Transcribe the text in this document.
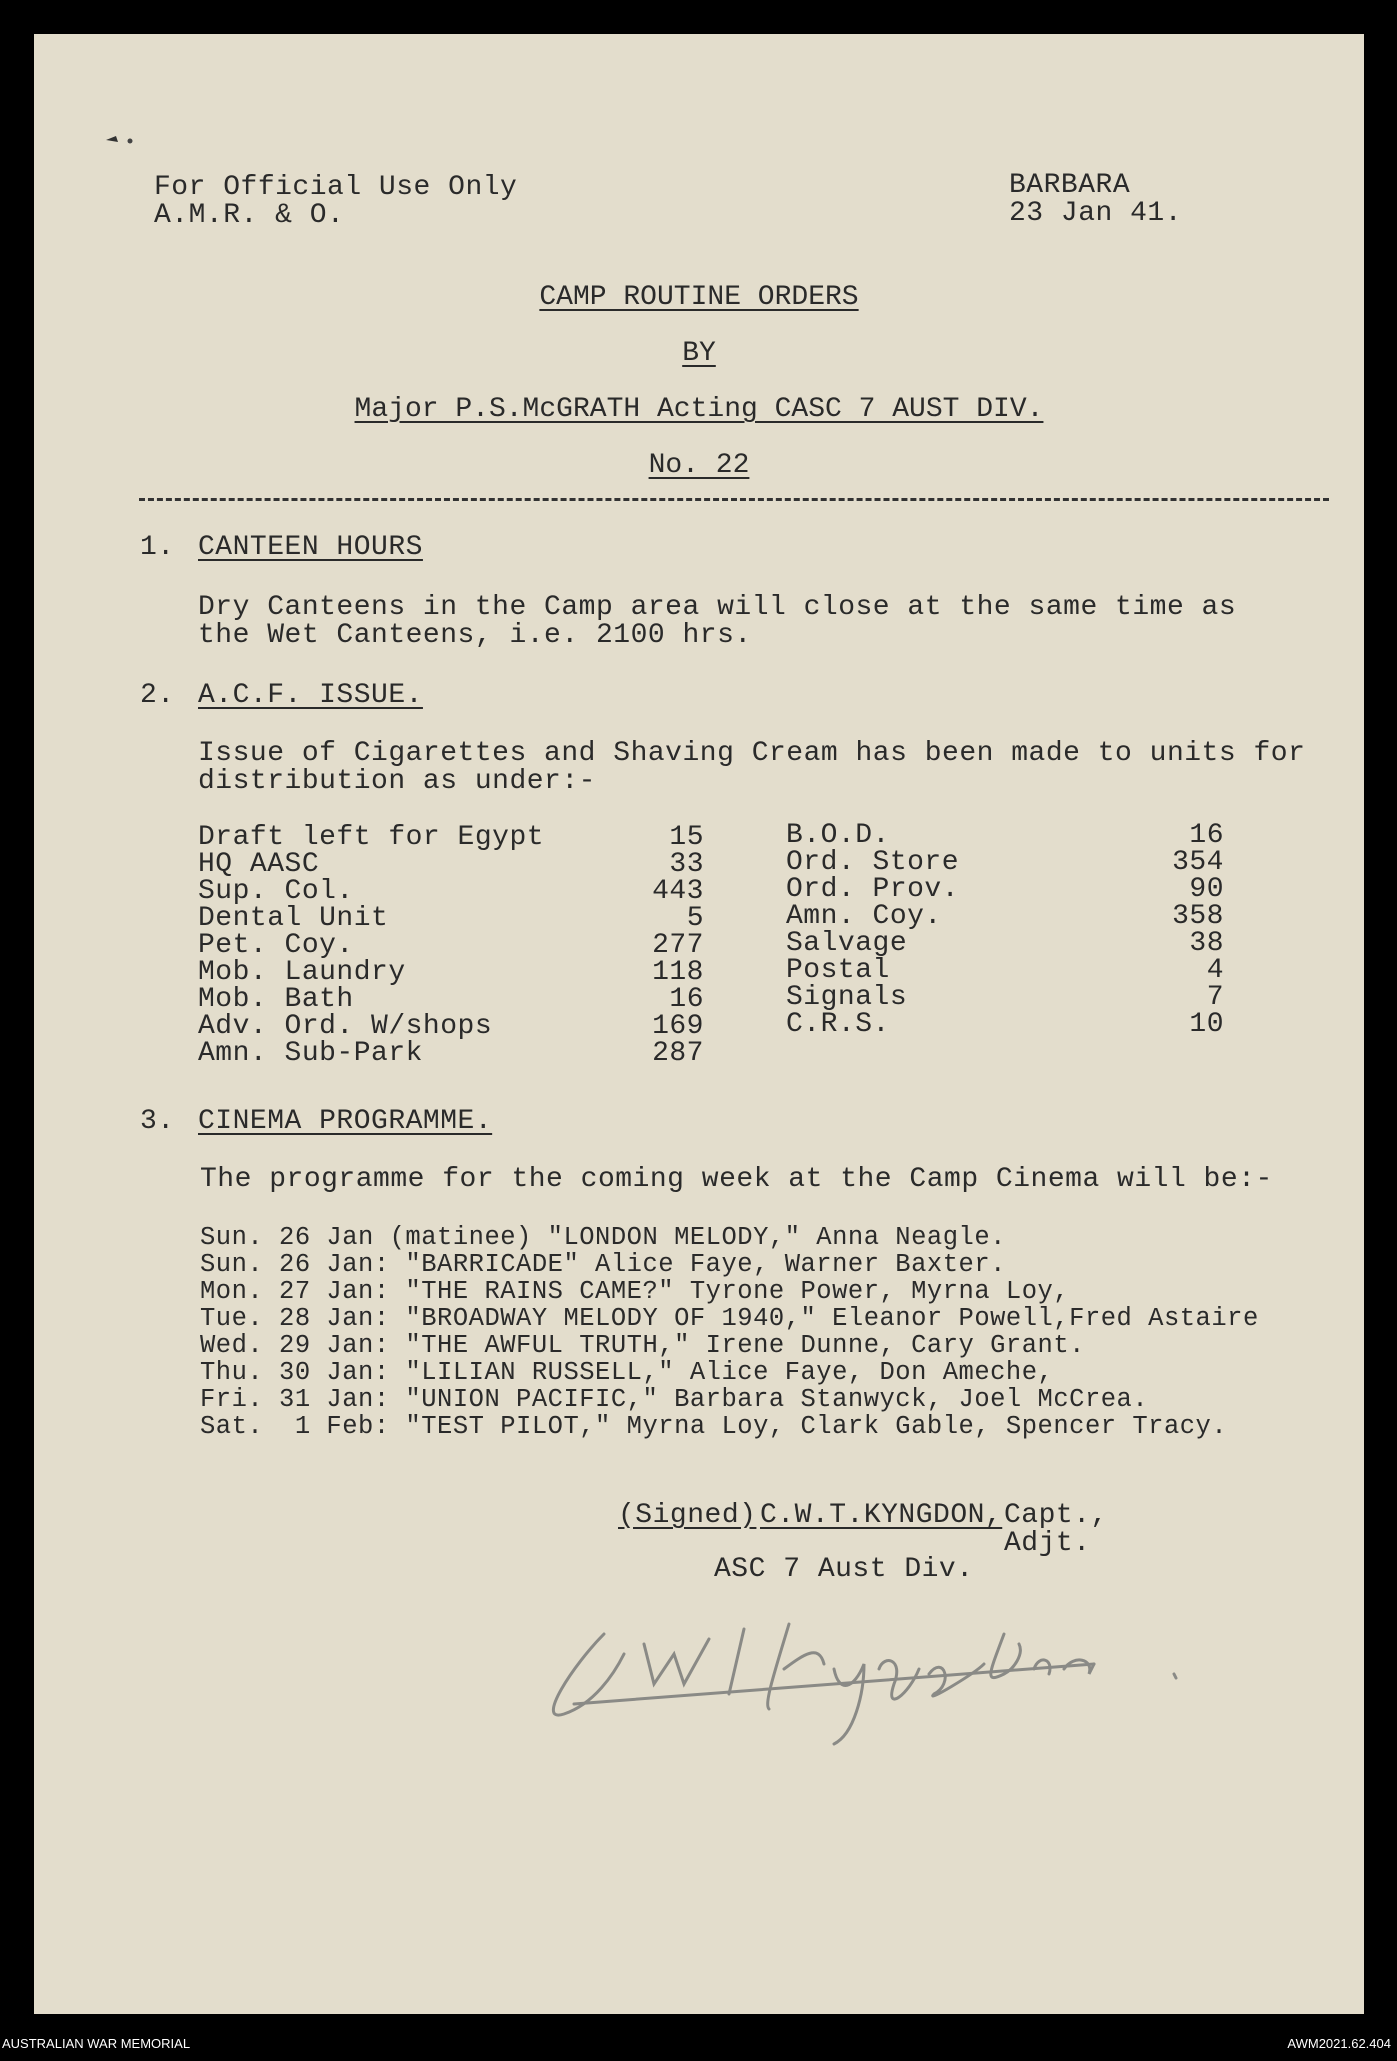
For Official Use Only
A.M.R. & O.
BARBARA
23 Jan 41.
CAMP ROUTINE ORDERS
BY
Major P.S.McGRATH Acting CASC 7 AUST DIV.
No. 22
1. CANTEEN HOURS
Dry Canteens in the Camp area will close at the same time as
the Wet Canteens, i.e. 2100 hrs.
2. A.C.F. ISSUE.
Issue of Cigarettes and Shaving Cream has been made to units for
distribution as under:-
Draft left for Egypt	15
HQ AASC	33
Sup. Col.	443
Dental Unit	5
Pet. Coy.	277
Mob. Laundry	118
Mob. Bath	16
Adv. Ord. W/shops	169
Amn. Sub-Park	287
B.O.D.	16
Ord. Store	354
Ord. Prov.	90
Amn. Coy.	358
Salvage	38
Postal	4
Signals	7
C.R.S.	10
3. CINEMA PROGRAMME.
The programme for the coming week at the Camp Cinema will be:-
Sun. 26 Jan (matinee) "LONDON MELODY," Anna Neagle.
Sun. 26 Jan: "BARRICADE" Alice Faye, Warner Baxter.
Mon. 27 Jan: "THE RAINS CAME?" Tyrone Power, Myrna Loy,
Tue. 28 Jan: "BROADWAY MELODY OF 1940," Eleanor Powell,Fred Astaire
Wed. 29 Jan: "THE AWFUL TRUTH," Irene Dunne, Cary Grant.
Thu. 30 Jan: "LILIAN RUSSELL," Alice Faye, Don Ameche,
Fri. 31 Jan: "UNION PACIFIC," Barbara Stanwyck, Joel McCrea.
Sat.  1 Feb: "TEST PILOT," Myrna Loy, Clark Gable, Spencer Tracy.
(Signed) C.W.T.KYNGDON, Capt.,
Adjt.
ASC 7 Aust Div.
AUSTRALIAN WAR MEMORIAL	AWM2021.62.404
